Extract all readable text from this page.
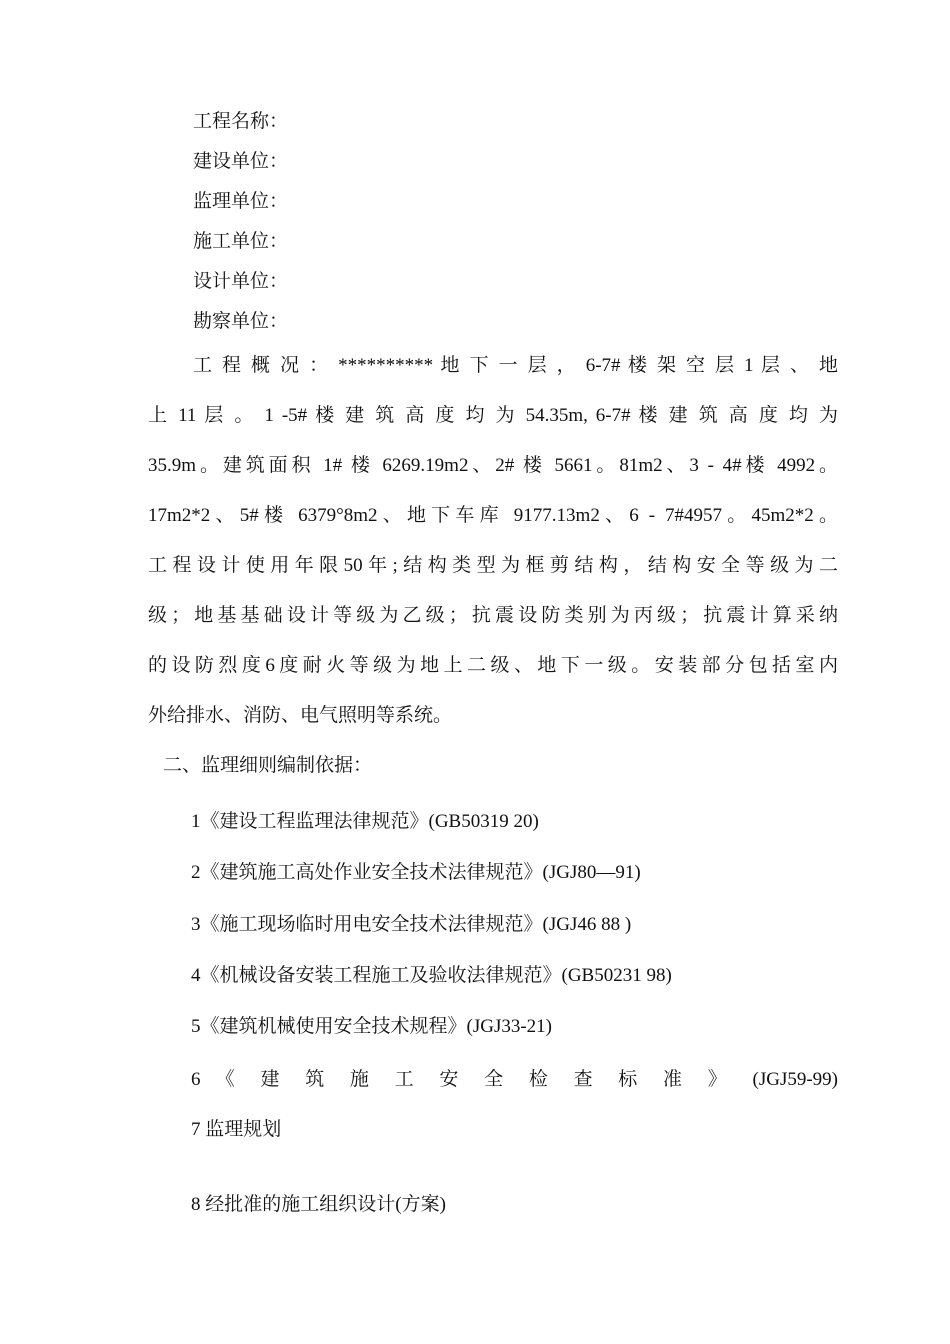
工程名称：
建设单位：
监理单位：
施工单位：
设计单位：
勘察单位：
工 程 概 况 ： ********** 地 下 一 层 ， 6-7# 楼 架 空 层 1 层 、 地
上 11 层 。 1 -5# 楼 建 筑 高 度 均 为 54.35m, 6-7# 楼 建 筑 高 度 均 为
35.9m。建筑面积 1# 楼 6269.19m2、2# 楼 5661。81m2、3 - 4#楼 4992。
17m2*2、5#楼 6379°8m2、地下车库 9177.13m2、6 - 7#4957。45m2*2。
工程设计使用年限50年;结构类型为框剪结构，结构安全等级为二
级；地基基础设计等级为乙级；抗震设防类别为丙级；抗震计算采纳
的设防烈度6度耐火等级为地上二级、地下一级。安装部分包括室内
外给排水、消防、电气照明等系统。
二、监理细则编制依据：
1《建设工程监理法律规范》(GB50319 20)
2《建筑施工高处作业安全技术法律规范》(JGJ80—91)
3《施工现场临时用电安全技术法律规范》(JGJ46 88 )
4《机械设备安装工程施工及验收法律规范》(GB50231 98)
5《建筑机械使用安全技术规程》(JGJ33-21)
6 《 建 筑 施 工 安 全 检 查 标 准 》 (JGJ59-99)
7 监理规划
8 经批准的施工组织设计(方案)
